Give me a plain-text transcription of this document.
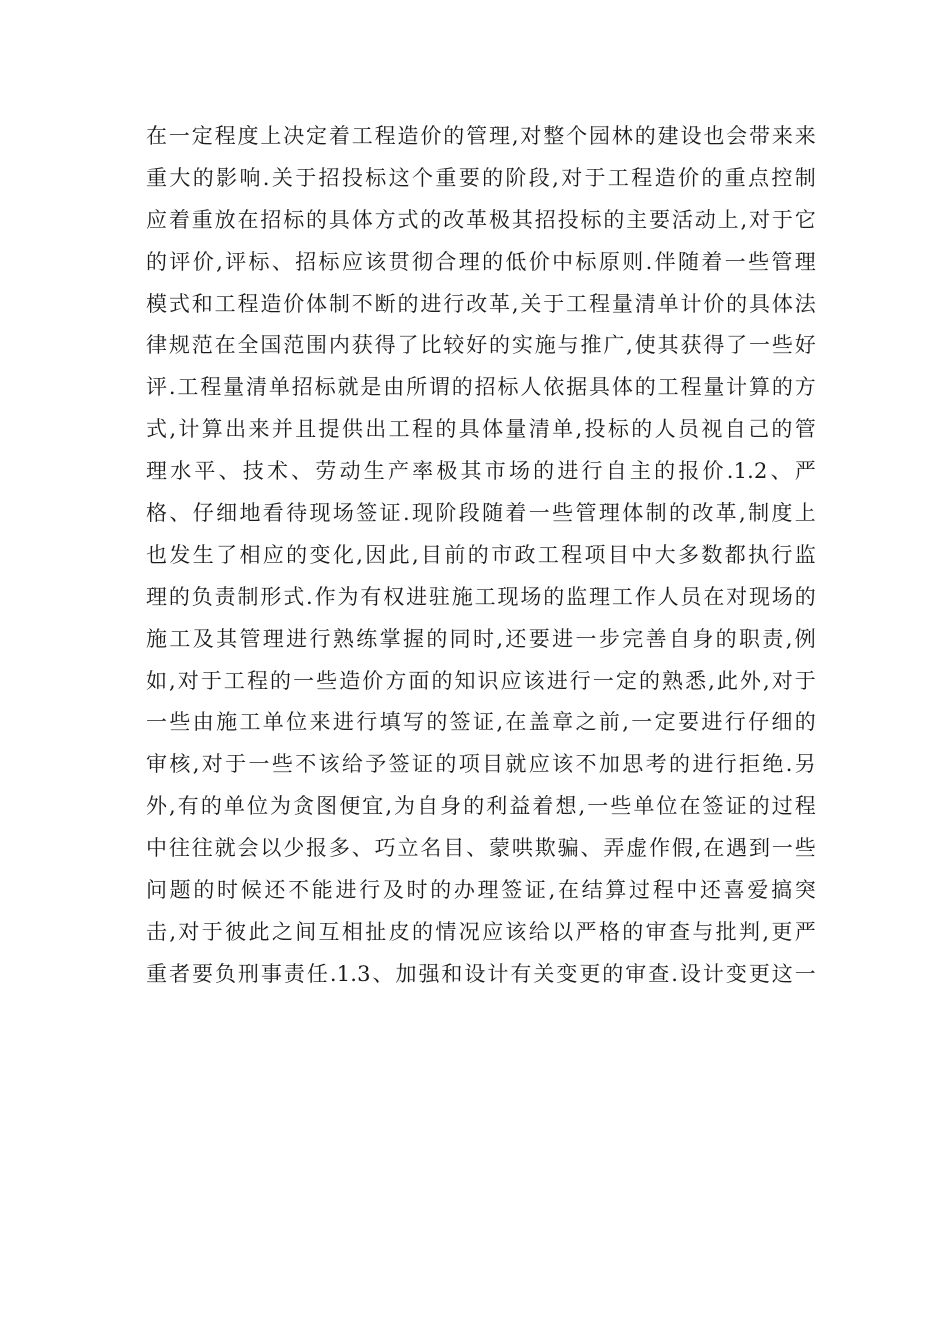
在一定程度上决定着工程造价的管理,对整个园林的建设也会带来来
重大的影响.关于招投标这个重要的阶段,对于工程造价的重点控制
应着重放在招标的具体方式的改革极其招投标的主要活动上,对于它
的评价,评标、招标应该贯彻合理的低价中标原则.伴随着一些管理
模式和工程造价体制不断的进行改革,关于工程量清单计价的具体法
律规范在全国范围内获得了比较好的实施与推广,使其获得了一些好
评.工程量清单招标就是由所谓的招标人依据具体的工程量计算的方
式,计算出来并且提供出工程的具体量清单,投标的人员视自己的管
理水平、技术、劳动生产率极其市场的进行自主的报价.1.2、严
格、仔细地看待现场签证.现阶段随着一些管理体制的改革,制度上
也发生了相应的变化,因此,目前的市政工程项目中大多数都执行监
理的负责制形式.作为有权进驻施工现场的监理工作人员在对现场的
施工及其管理进行熟练掌握的同时,还要进一步完善自身的职责,例
如,对于工程的一些造价方面的知识应该进行一定的熟悉,此外,对于
一些由施工单位来进行填写的签证,在盖章之前,一定要进行仔细的
审核,对于一些不该给予签证的项目就应该不加思考的进行拒绝.另
外,有的单位为贪图便宜,为自身的利益着想,一些单位在签证的过程
中往往就会以少报多、巧立名目、蒙哄欺骗、弄虚作假,在遇到一些
问题的时候还不能进行及时的办理签证,在结算过程中还喜爱搞突
击,对于彼此之间互相扯皮的情况应该给以严格的审查与批判,更严
重者要负刑事责任.1.3、加强和设计有关变更的审查.设计变更这一
